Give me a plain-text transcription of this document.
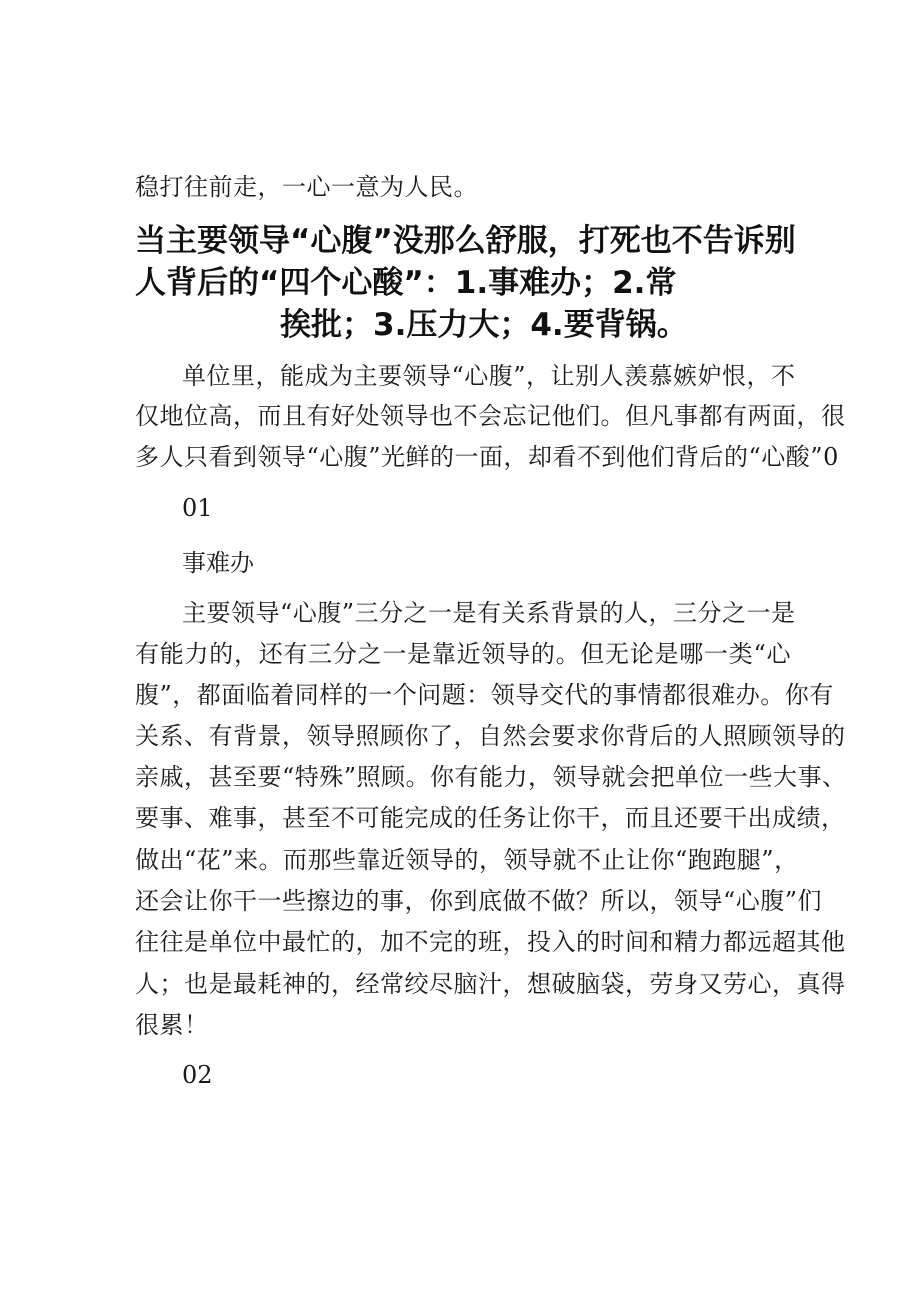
稳打往前走，一心一意为人民。
当主要领导“心腹”没那么舒服，打死也不告诉别
人背后的“四个心酸”：1.事难办；2.常
挨批；3.压力大；4.要背锅。
单位里，能成为主要领导“心腹”，让别人羡慕嫉妒恨，不
仅地位高，而且有好处领导也不会忘记他们。但凡事都有两面，很
多人只看到领导“心腹”光鲜的一面，却看不到他们背后的“心酸”0
01
事难办
主要领导“心腹”三分之一是有关系背景的人，三分之一是
有能力的，还有三分之一是靠近领导的。但无论是哪一类“心
腹”，都面临着同样的一个问题：领导交代的事情都很难办。你有
关系、有背景，领导照顾你了，自然会要求你背后的人照顾领导的
亲戚，甚至要“特殊”照顾。你有能力，领导就会把单位一些大事、
要事、难事，甚至不可能完成的任务让你干，而且还要干出成绩，
做出“花”来。而那些靠近领导的，领导就不止让你“跑跑腿”，
还会让你干一些擦边的事，你到底做不做？所以，领导“心腹”们
往往是单位中最忙的，加不完的班，投入的时间和精力都远超其他
人；也是最耗神的，经常绞尽脑汁，想破脑袋，劳身又劳心，真得
很累！
02
